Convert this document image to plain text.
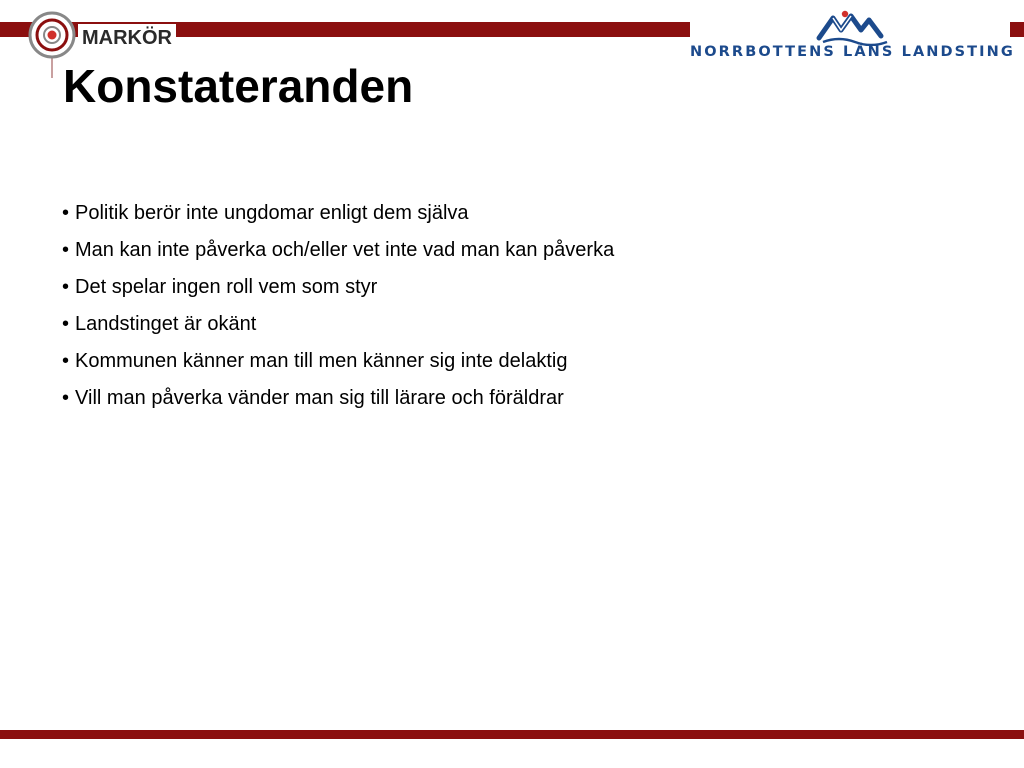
MARKÖR
NORRBOTTENS LÄNS LANDSTING
Konstateranden
• Politik berör inte ungdomar enligt dem själva
• Man kan inte påverka och/eller vet inte vad man kan påverka
• Det spelar ingen roll vem som styr
• Landstinget är okänt
• Kommunen känner man till men känner sig inte delaktig
• Vill man påverka vänder man sig till lärare och föräldrar
